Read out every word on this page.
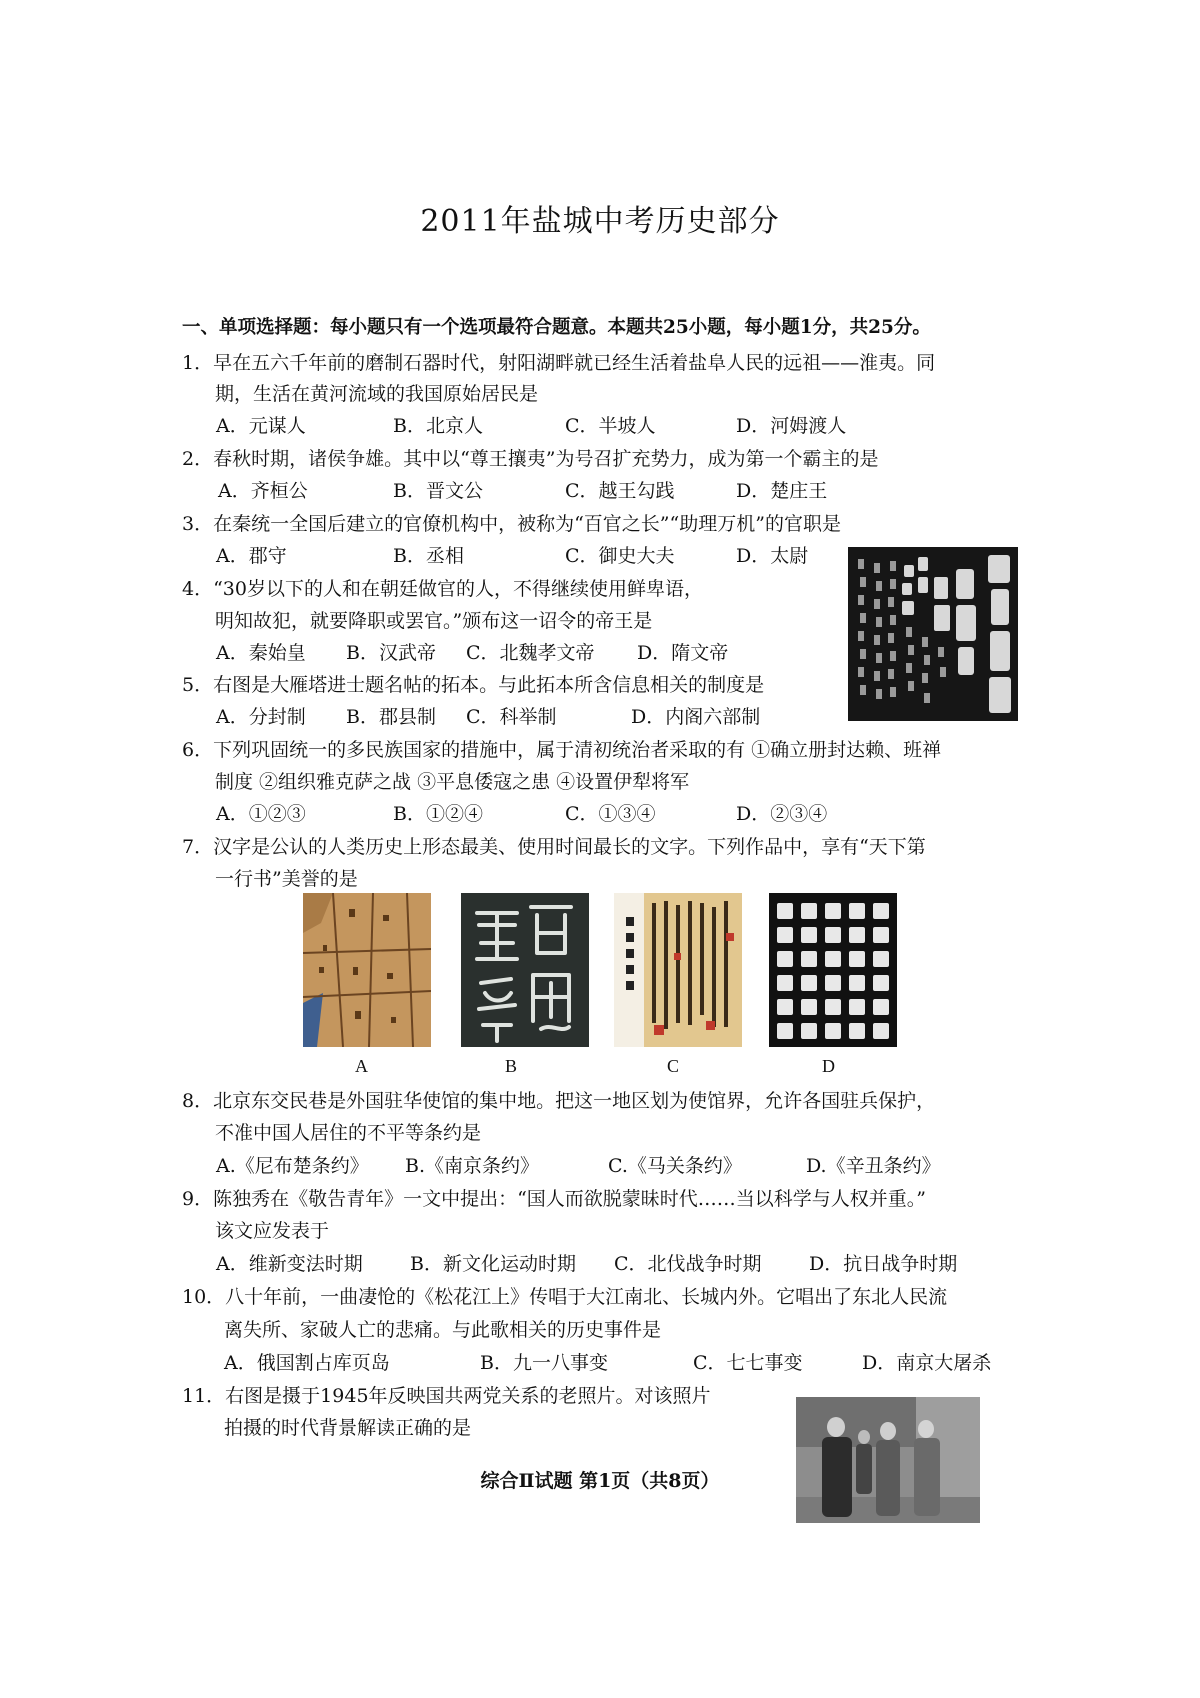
2011年盐城中考历史部分
一、单项选择题：每小题只有一个选项最符合题意。本题共25小题，每小题1分，共25分。
1．早在五六千年前的磨制石器时代，射阳湖畔就已经生活着盐阜人民的远祖——淮夷。同
期，生活在黄河流域的我国原始居民是
A．元谋人	B．北京人	C．半坡人	D．河姆渡人
2．春秋时期，诸侯争雄。其中以“尊王攘夷”为号召扩充势力，成为第一个霸主的是
A．齐桓公	B．晋文公	C．越王勾践	D．楚庄王
3．在秦统一全国后建立的官僚机构中，被称为“百官之长”“助理万机”的官职是
A．郡守	B．丞相	C．御史大夫	D．太尉
4．“30岁以下的人和在朝廷做官的人，不得继续使用鲜卑语，
明知故犯，就要降职或罢官。”颁布这一诏令的帝王是
A．秦始皇 B．汉武帝 C．北魏孝文帝 D．隋文帝
5．右图是大雁塔进士题名帖的拓本。与此拓本所含信息相关的制度是
A．分封制 B．郡县制 C．科举制	D．内阁六部制
6．下列巩固统一的多民族国家的措施中，属于清初统治者采取的有 ①确立册封达赖、班禅
制度 ②组织雅克萨之战 ③平息倭寇之患 ④设置伊犁将军
A．①②③	B．①②④	C．①③④	D．②③④
7．汉字是公认的人类历史上形态最美、使用时间最长的文字。下列作品中，享有“天下第
一行书”美誉的是
A	B	C	D
8．北京东交民巷是外国驻华使馆的集中地。把这一地区划为使馆界，允许各国驻兵保护，
不准中国人居住的不平等条约是
A.《尼布楚条约》 B.《南京条约》	C.《马关条约》	D.《辛丑条约》
9．陈独秀在《敬告青年》一文中提出：“国人而欲脱蒙昧时代……当以科学与人权并重。”
该文应发表于
A．维新变法时期 B．新文化运动时期 C．北伐战争时期 D．抗日战争时期
10．八十年前，一曲凄怆的《松花江上》传唱于大江南北、长城内外。它唱出了东北人民流
离失所、家破人亡的悲痛。与此歌相关的历史事件是
A．俄国割占库页岛	B．九一八事变	C．七七事变	D．南京大屠杀
11．右图是摄于1945年反映国共两党关系的老照片。对该照片
拍摄的时代背景解读正确的是
综合Ⅱ试题 第1页（共8页）
